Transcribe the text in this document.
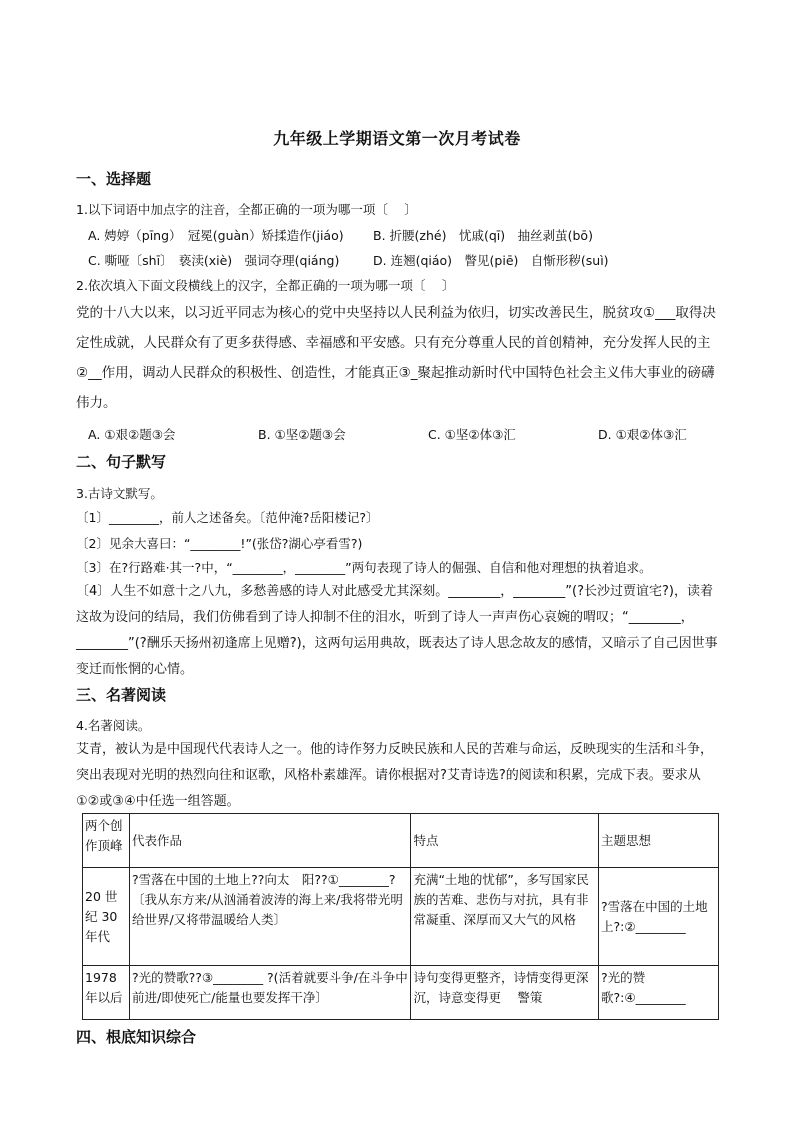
九年级上学期语文第一次月考试卷
一、选择题
1.以下词语中加点字的注音，全都正确的一项为哪一项〔　 〕
A. 娉婷（pīng）　冠冕(guàn）矫揉造作(jiáo) B. 折腰(zhé)　忧戚(qī)　抽丝剥茧(bō)
C. 嘶哑〔shī〕　亵渎(xiè)　强词夺理(qiáng)	D. 连翘(qiáo)　瞥见(piē)　自惭形秽(suì)
2.依次填入下面文段横线上的汉字，全都正确的一项为哪一项〔　 〕
党的十八大以来，以习近平同志为核心的党中央坚持以人民利益为依归，切实改善民生，脱贫攻①___取得决定性成就，人民群众有了更多获得感、幸福感和平安感。只有充分尊重人民的首创精神，充分发挥人民的主②__作用，调动人民群众的积极性、创造性，才能真正③_聚起推动新时代中国特色社会主义伟大事业的磅礴伟力。
A. ①艰②题③会	B. ①坚②题③会	C. ①坚②体③汇	D. ①艰②体③汇
二、句子默写
3.古诗文默写。
〔1〕________，前人之述备矣。〔范仲淹?岳阳楼记?〕
〔2〕见余大喜曰：“________!”(张岱?湖心亭看雪?)
〔3〕在?行路难·其一?中，“________，________”两句表现了诗人的倔强、自信和他对理想的执着追求。
〔4〕人生不如意十之八九，多愁善感的诗人对此感受尤其深刻。________，________”(?长沙过贾谊宅?)，读着这故为设问的结局，我们仿佛看到了诗人抑制不住的泪水，听到了诗人一声声伤心哀婉的喟叹；“________，________”(?酬乐天扬州初逢席上见赠?)，这两句运用典故，既表达了诗人思念故友的感情，又暗示了自己因世事变迁而怅惘的心情。
三、名著阅读
4.名著阅读。
艾青，被认为是中国现代代表诗人之一。他的诗作努力反映民族和人民的苦难与命运，反映现实的生活和斗争，突出表现对光明的热烈向往和讴歌，风格朴素雄浑。请你根据对?艾青诗选?的阅读和积累，完成下表。要求从①②或③④中任选一组答题。
两个创作顶峰	代表作品	特点	主题思想
20 世纪 30 年代	?雪落在中国的土地上??向太　阳??①________?〔我从东方来/从汹涌着波涛的海上来/我将带光明给世界/又将带温暖给人类〕	充满“土地的忧郁”，多写国家民族的苦难、悲伤与对抗，具有非常凝重、深厚而又大气的风格	?雪落在中国的土地上?:②________
1978 年以后	?光的赞歌??③________ ?(活着就要斗争/在斗争中前进/即使死亡/能量也要发挥干净〕	诗句变得更整齐，诗情变得更深沉，诗意变得更　 警策	?光的赞歌?:④________
四、根底知识综合
